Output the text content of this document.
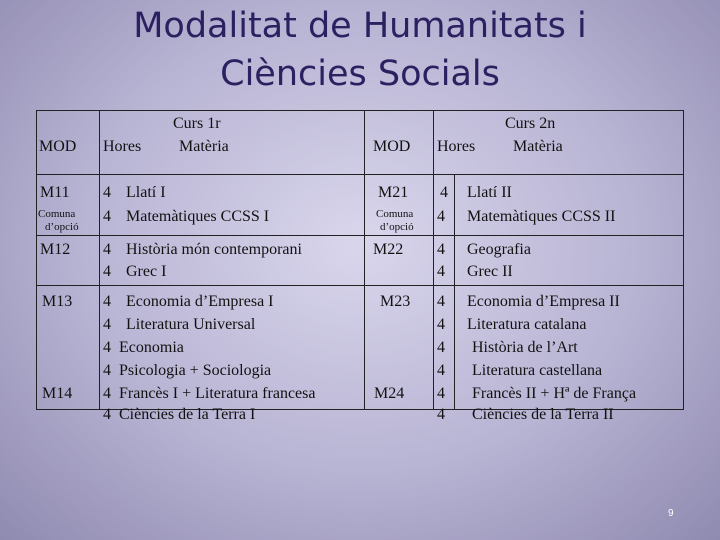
Modalitat de Humanitats i
Ciències Socials
Curs 1r	Curs 2n
MOD Hores Matèria	MOD Hores Matèria
M11
Comuna
d’opció
M12
M13
M14
4
4
4
4
4
4
4
4
4
4
Llatí I
Matemàtiques CCSS I
Història món contemporani
Grec I
Economia d’Empresa I
Literatura Universal
Economia
Psicologia + Sociologia
Francès I + Literatura francesa
Ciències de la Terra I
M21
Comuna
d’opció
M22
M23
M24
4
4
4
4
4
4
4
4
4
4
Llatí II
Matemàtiques CCSS II
Geografia
Grec II
Economia d’Empresa II
Literatura catalana
Història de l’Art
Literatura castellana
Francès II + Hª de França
Ciències de la Terra II
9
